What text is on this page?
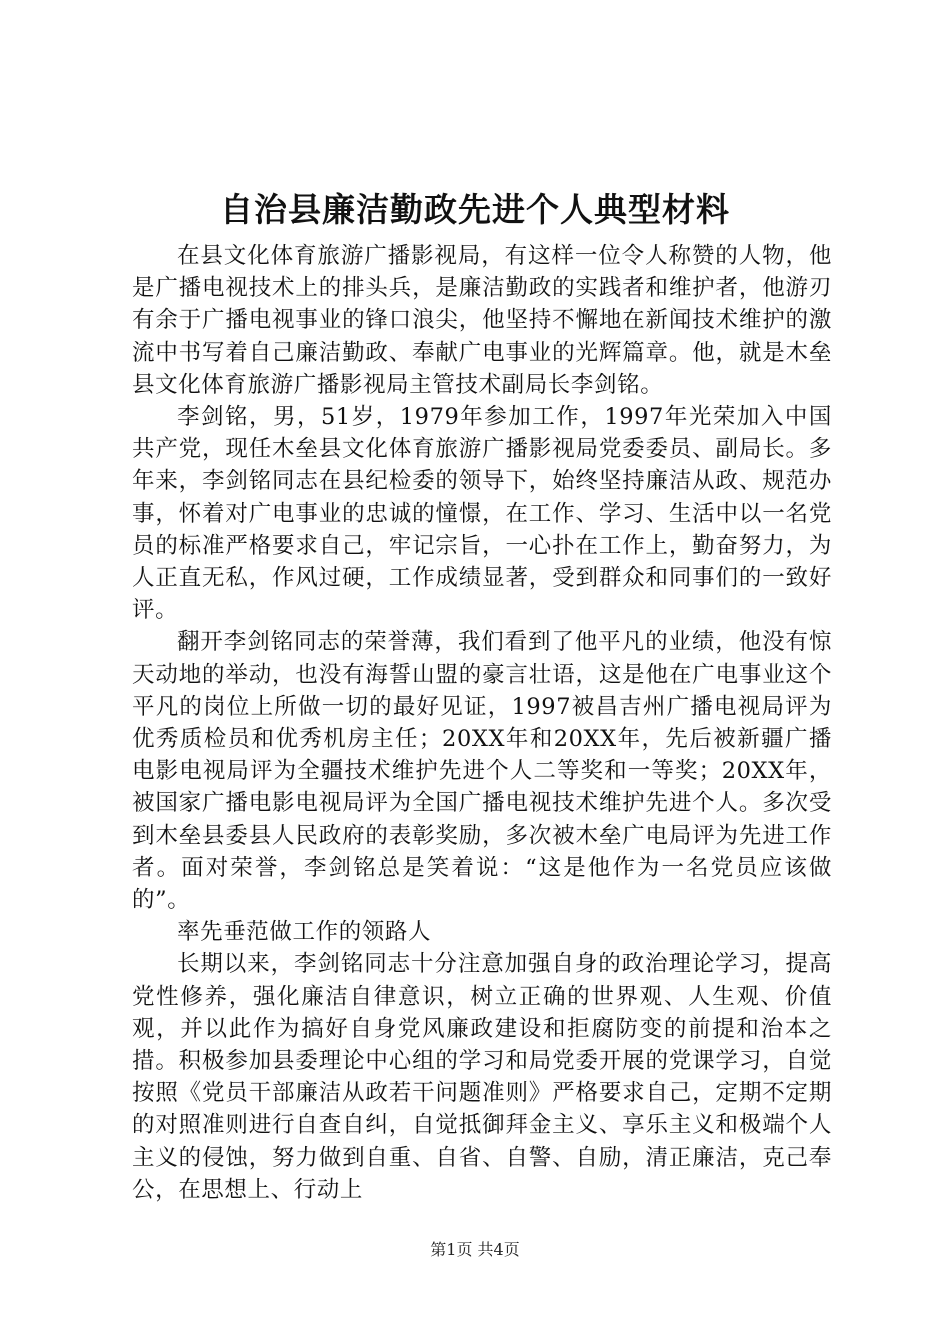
自治县廉洁勤政先进个人典型材料

在县文化体育旅游广播影视局，有这样一位令人称赞的人物，他是广播电视技术上的排头兵，是廉洁勤政的实践者和维护者，他游刃有余于广播电视事业的锋口浪尖，他坚持不懈地在新闻技术维护的激流中书写着自己廉洁勤政、奉献广电事业的光辉篇章。他，就是木垒县文化体育旅游广播影视局主管技术副局长李剑铭。

李剑铭，男，51岁，1979年参加工作，1997年光荣加入中国共产党，现任木垒县文化体育旅游广播影视局党委委员、副局长。多年来，李剑铭同志在县纪检委的领导下，始终坚持廉洁从政、规范办事，怀着对广电事业的忠诚的憧憬，在工作、学习、生活中以一名党员的标准严格要求自己，牢记宗旨，一心扑在工作上，勤奋努力，为人正直无私，作风过硬，工作成绩显著，受到群众和同事们的一致好评。

翻开李剑铭同志的荣誉薄，我们看到了他平凡的业绩，他没有惊天动地的举动，也没有海誓山盟的豪言壮语，这是他在广电事业这个平凡的岗位上所做一切的最好见证，1997被昌吉州广播电视局评为优秀质检员和优秀机房主任；20XX年和20XX年，先后被新疆广播电影电视局评为全疆技术维护先进个人二等奖和一等奖；20XX年，被国家广播电影电视局评为全国广播电视技术维护先进个人。多次受到木垒县委县人民政府的表彰奖励，多次被木垒广电局评为先进工作者。面对荣誉，李剑铭总是笑着说：“这是他作为一名党员应该做的”。

率先垂范做工作的领路人

长期以来，李剑铭同志十分注意加强自身的政治理论学习，提高党性修养，强化廉洁自律意识，树立正确的世界观、人生观、价值观，并以此作为搞好自身党风廉政建设和拒腐防变的前提和治本之措。积极参加县委理论中心组的学习和局党委开展的党课学习，自觉按照《党员干部廉洁从政若干问题准则》严格要求自己，定期不定期的对照准则进行自查自纠，自觉抵御拜金主义、享乐主义和极端个人主义的侵蚀，努力做到自重、自省、自警、自励，清正廉洁，克己奉公，在思想上、行动上

第1页 共4页
